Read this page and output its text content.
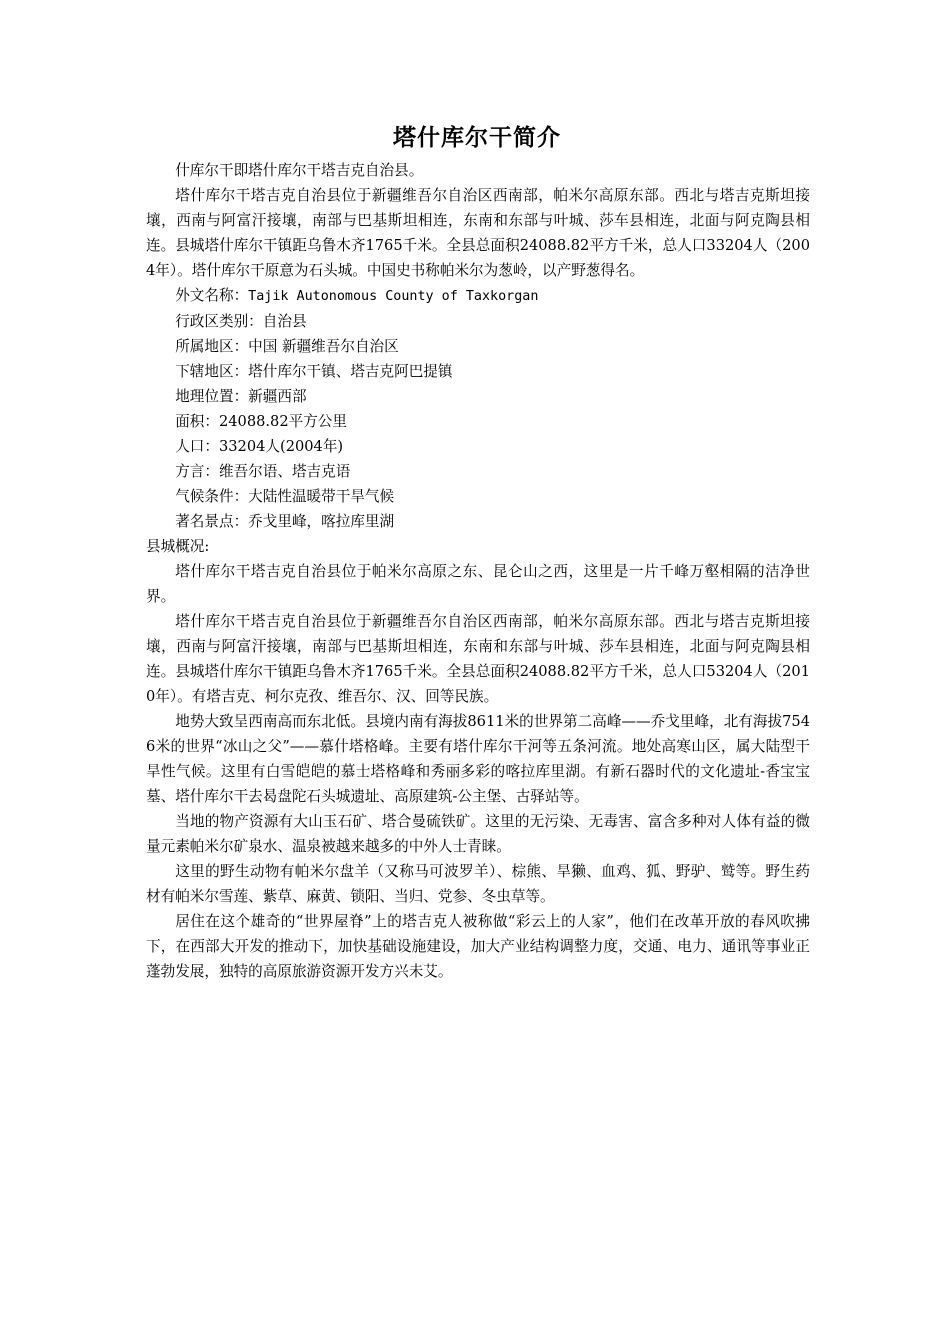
塔什库尔干简介

什库尔干即塔什库尔干塔吉克自治县。

塔什库尔干塔吉克自治县位于新疆维吾尔自治区西南部，帕米尔高原东部。西北与塔吉克斯坦接壤，西南与阿富汗接壤，南部与巴基斯坦相连，东南和东部与叶城、莎车县相连，北面与阿克陶县相连。县城塔什库尔干镇距乌鲁木齐1765千米。全县总面积24088.82平方千米，总人口33204人（2004年）。塔什库尔干原意为石头城。中国史书称帕米尔为葱岭，以产野葱得名。

外文名称：Tajik Autonomous County of Taxkorgan
行政区类别：自治县
所属地区：中国 新疆维吾尔自治区
下辖地区：塔什库尔干镇、塔吉克阿巴提镇
地理位置：新疆西部
面积：24088.82平方公里
人口：33204人(2004年)
方言：维吾尔语、塔吉克语
气候条件：大陆性温暖带干旱气候
著名景点：乔戈里峰，喀拉库里湖

县城概况:

塔什库尔干塔吉克自治县位于帕米尔高原之东、昆仑山之西，这里是一片千峰万壑相隔的洁净世界。

塔什库尔干塔吉克自治县位于新疆维吾尔自治区西南部，帕米尔高原东部。西北与塔吉克斯坦接壤，西南与阿富汗接壤，南部与巴基斯坦相连，东南和东部与叶城、莎车县相连，北面与阿克陶县相连。县城塔什库尔干镇距乌鲁木齐1765千米。全县总面积24088.82平方千米，总人口53204人（2010年）。有塔吉克、柯尔克孜、维吾尔、汉、回等民族。

地势大致呈西南高而东北低。县境内南有海拔8611米的世界第二高峰——乔戈里峰，北有海拔7546米的世界“冰山之父”——慕什塔格峰。主要有塔什库尔干河等五条河流。地处高寒山区，属大陆型干旱性气候。这里有白雪皑皑的慕士塔格峰和秀丽多彩的喀拉库里湖。有新石器时代的文化遗址-香宝宝墓、塔什库尔干去曷盘陀石头城遗址、高原建筑-公主堡、古驿站等。

当地的物产资源有大山玉石矿、塔合曼硫铁矿。这里的无污染、无毒害、富含多种对人体有益的微量元素帕米尔矿泉水、温泉被越来越多的中外人士青睐。

这里的野生动物有帕米尔盘羊（又称马可波罗羊）、棕熊、旱獭、血鸡、狐、野驴、鹫等。野生药材有帕米尔雪莲、紫草、麻黄、锁阳、当归、党参、冬虫草等。

居住在这个雄奇的“世界屋脊”上的塔吉克人被称做“彩云上的人家”，他们在改革开放的春风吹拂下，在西部大开发的推动下，加快基础设施建设，加大产业结构调整力度，交通、电力、通讯等事业正蓬勃发展，独特的高原旅游资源开发方兴未艾。
